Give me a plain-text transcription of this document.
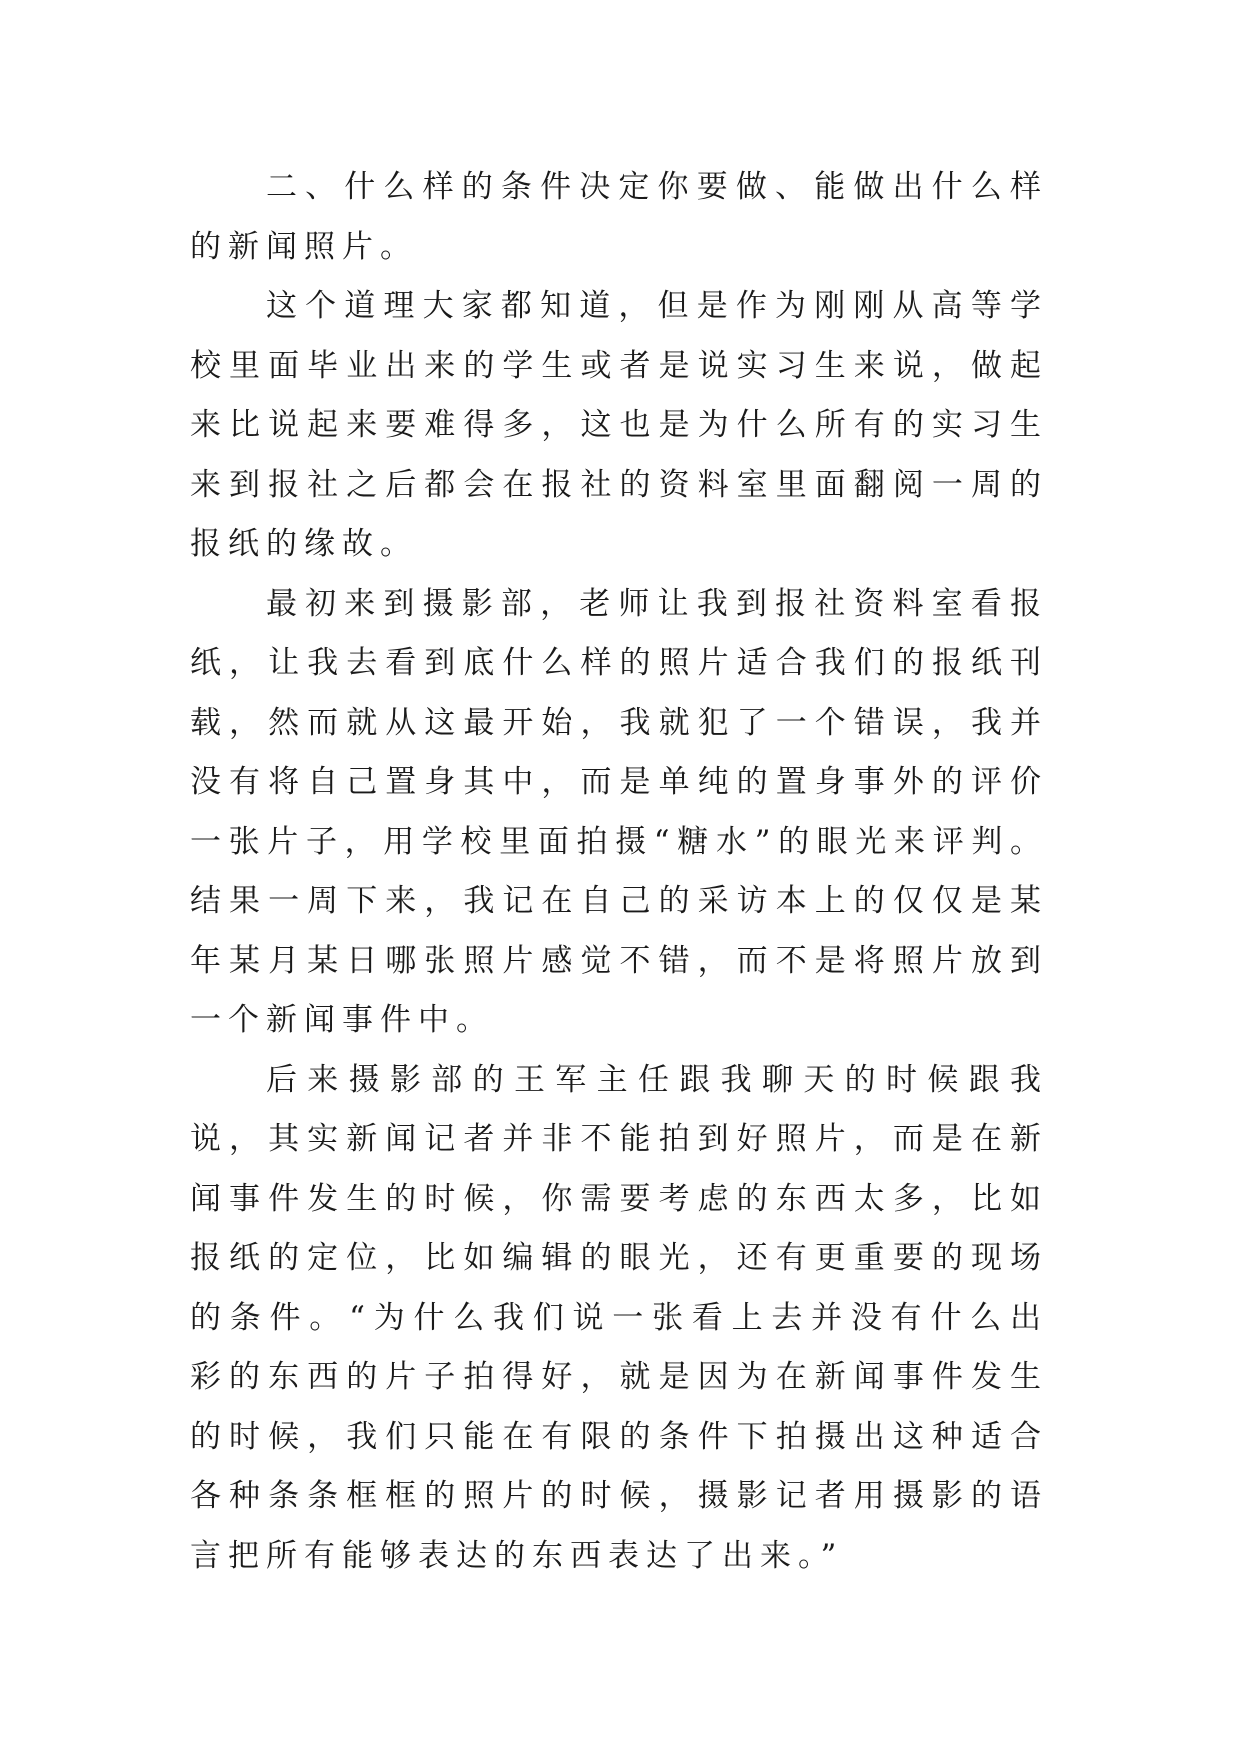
二、什么样的条件决定你要做、能做出什么样的新闻照片。

这个道理大家都知道，但是作为刚刚从高等学校里面毕业出来的学生或者是说实习生来说，做起来比说起来要难得多，这也是为什么所有的实习生来到报社之后都会在报社的资料室里面翻阅一周的报纸的缘故。

最初来到摄影部，老师让我到报社资料室看报纸，让我去看到底什么样的照片适合我们的报纸刊载，然而就从这最开始，我就犯了一个错误，我并没有将自己置身其中，而是单纯的置身事外的评价一张片子，用学校里面拍摄“糖水”的眼光来评判。结果一周下来，我记在自己的采访本上的仅仅是某年某月某日哪张照片感觉不错，而不是将照片放到一个新闻事件中。

后来摄影部的王军主任跟我聊天的时候跟我说，其实新闻记者并非不能拍到好照片，而是在新闻事件发生的时候，你需要考虑的东西太多，比如报纸的定位，比如编辑的眼光，还有更重要的现场的条件。“为什么我们说一张看上去并没有什么出彩的东西的片子拍得好，就是因为在新闻事件发生的时候，我们只能在有限的条件下拍摄出这种适合各种条条框框的照片的时候，摄影记者用摄影的语言把所有能够表达的东西表达了出来。”
